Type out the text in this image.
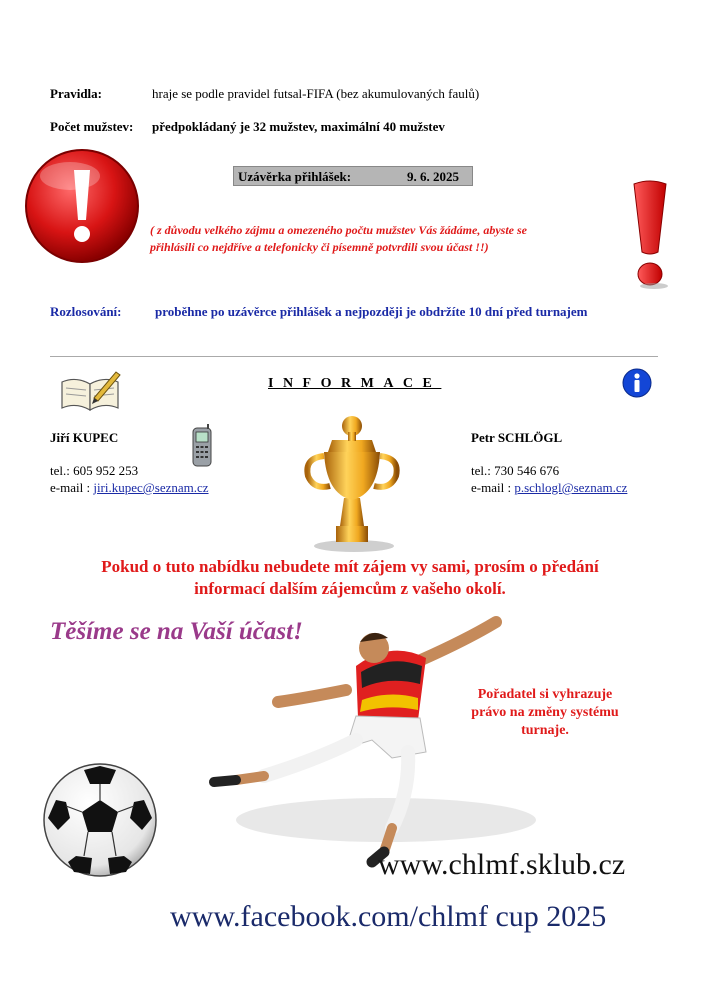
Pravidla:	hraje se podle pravidel futsal-FIFA (bez akumulovaných faulů)
Počet mužstev: předpokládaný je 32 mužstev, maximální 40 mužstev
Uzávěrka přihlášek:	9. 6. 2025
( z důvodu velkého zájmu a omezeného počtu mužstev Vás žádáme, abyste se
přihlásili co nejdříve a telefonicky či písemně potvrdili svou účast !!)
Rozlosování:	proběhne po uzávěrce přihlášek a nejpozději je obdržíte 10 dní před turnajem
INFORMACE
Jiří KUPEC
tel.: 605 952 253
e-mail : jiri.kupec@seznam.cz
Petr SCHLÖGL
tel.: 730 546 676
e-mail : p.schlogl@seznam.cz
Pokud o tuto nabídku nebudete mít zájem vy sami, prosím o předání
informací dalším zájemcům z vašeho okolí.
Těšíme se na Vaší účast!
Pořadatel si vyhrazuje
právo na změny systému
turnaje.
www.chlmf.sklub.cz
www.facebook.com/chlmf cup 2025
